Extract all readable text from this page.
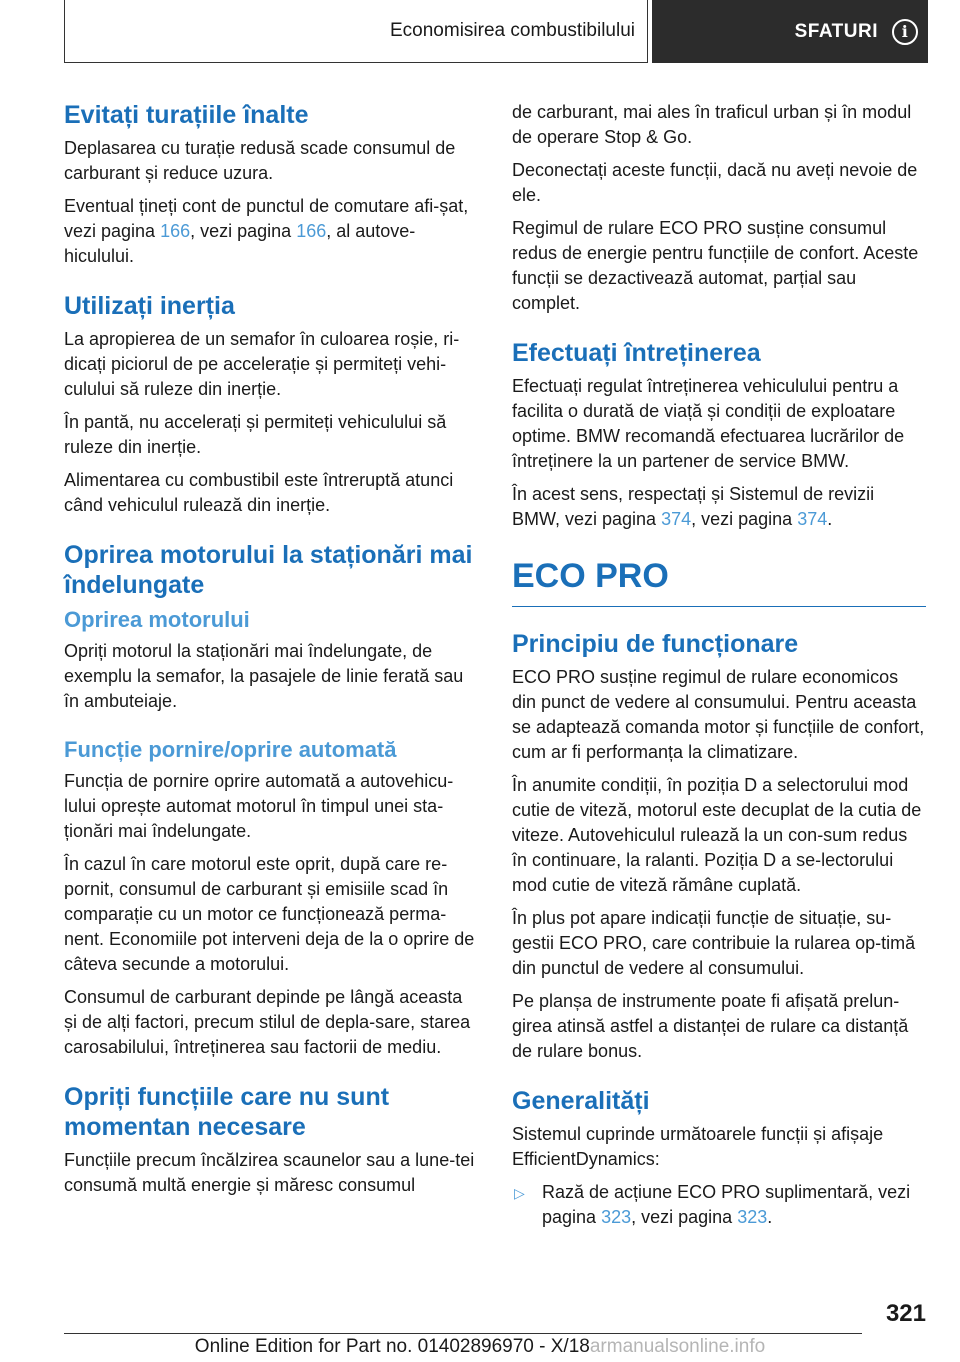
Economisirea combustibilului	SFATURI	i
Evitați turațiile înalte

Deplasarea cu turație redusă scade consumul de carburant și reduce uzura.

Eventual țineți cont de punctul de comutare afi-șat, vezi pagina 166, vezi pagina 166, al autove-hiculului.

Utilizați inerția

La apropierea de un semafor în culoarea roșie, ri-dicați piciorul de pe accelerație și permiteți vehi-culului să ruleze din inerție.

În pantă, nu accelerați și permiteți vehiculului să ruleze din inerție.

Alimentarea cu combustibil este întreruptă atunci când vehiculul rulează din inerție.

Oprirea motorului la staționări mai îndelungate
Oprirea motorului

Opriți motorul la staționări mai îndelungate, de exemplu la semafor, la pasajele de linie ferată sau în ambuteiaje.

Funcție pornire/oprire automată

Funcția de pornire oprire automată a autovehicu-lului oprește automat motorul în timpul unei sta-ționări mai îndelungate.

În cazul în care motorul este oprit, după care re-pornit, consumul de carburant și emisiile scad în comparație cu un motor ce funcționează perma-nent. Economiile pot interveni deja de la o oprire de câteva secunde a motorului.

Consumul de carburant depinde pe lângă aceasta și de alți factori, precum stilul de depla-sare, starea carosabilului, întreținerea sau factorii de mediu.

Opriți funcțiile care nu sunt momentan necesare

Funcțiile precum încălzirea scaunelor sau a lune-tei consumă multă energie și măresc consumul

de carburant, mai ales în traficul urban și în modul de operare Stop & Go.

Deconectați aceste funcții, dacă nu aveți nevoie de ele.

Regimul de rulare ECO PRO susține consumul redus de energie pentru funcțiile de confort. Aceste funcții se dezactivează automat, parțial sau complet.

Efectuați întreținerea

Efectuați regulat întreținerea vehiculului pentru a facilita o durată de viață și condiții de exploatare optime. BMW recomandă efectuarea lucrărilor de întreținere la un partener de service BMW.

În acest sens, respectați și Sistemul de revizii BMW, vezi pagina 374, vezi pagina 374.

ECO PRO
Principiu de funcționare

ECO PRO susține regimul de rulare economicos din punct de vedere al consumului. Pentru aceasta se adaptează comanda motor și funcțiile de confort, cum ar fi performanța la climatizare.

În anumite condiții, în poziția D a selectorului mod cutie de viteză, motorul este decuplat de la cutia de viteze. Autovehiculul rulează la un con-sum redus în continuare, la ralanti. Poziția D a se-lectorului mod cutie de viteză rămâne cuplată.

În plus pot apare indicații funcție de situație, su-gestii ECO PRO, care contribuie la rularea op-timă din punctul de vedere al consumului.

Pe planșa de instrumente poate fi afișată prelun-girea atinsă astfel a distanței de rulare ca distanță de rulare bonus.

Generalități

Sistemul cuprinde următoarele funcții și afișaje EfficientDynamics:

▷ Rază de acțiune ECO PRO suplimentară, vezi pagina 323, vezi pagina 323.
321
Online Edition for Part no. 01402896970 - X/18armanualsonline.info
